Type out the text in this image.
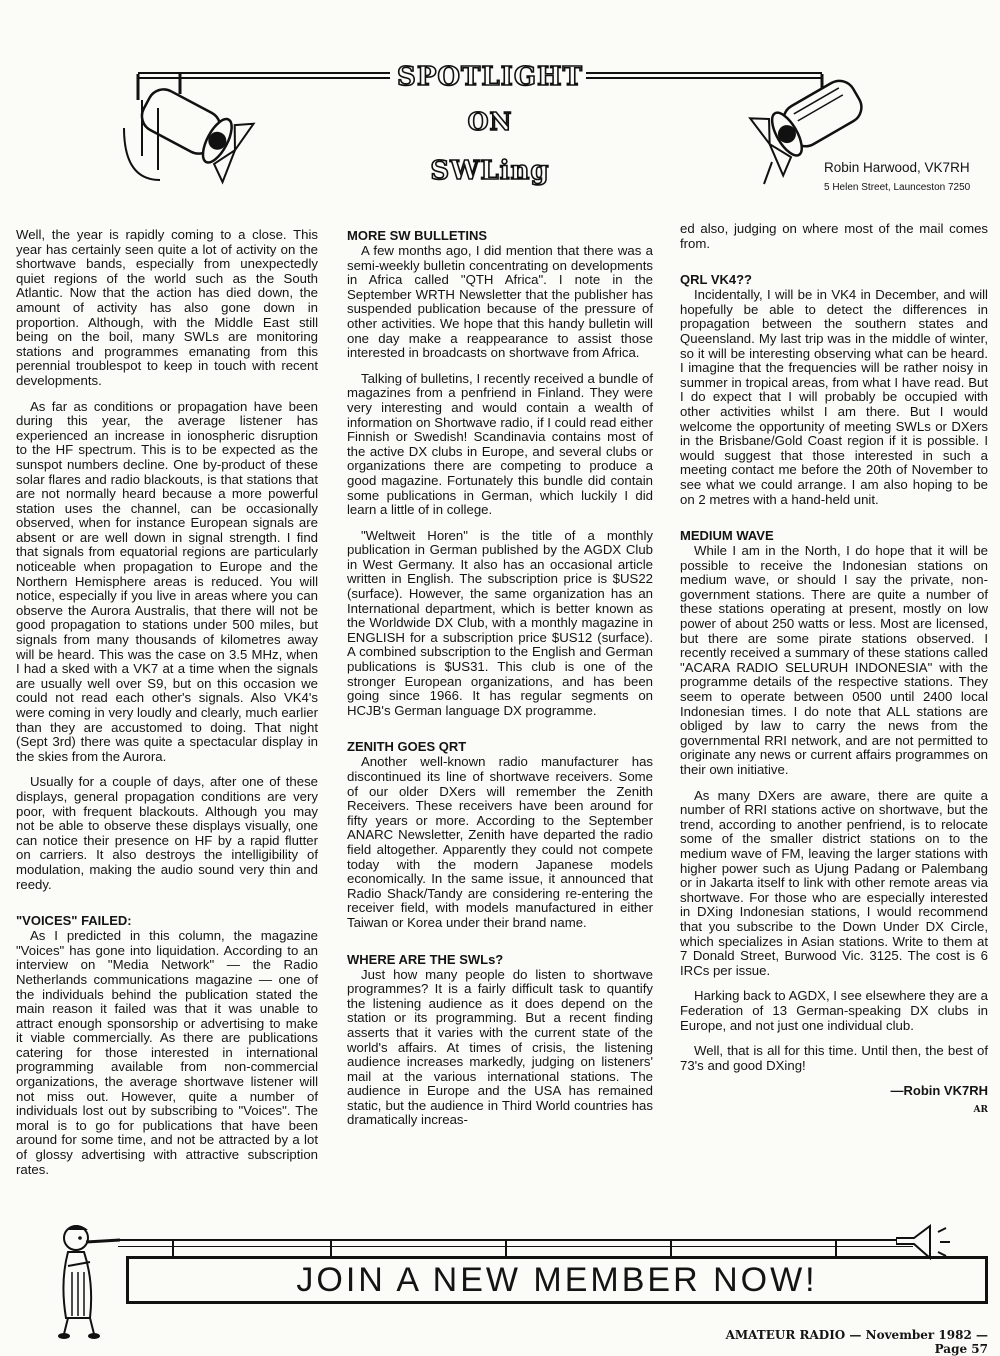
SPOTLIGHT
ON
SWLing	Robin Harwood, VK7RH
5 Helen Street, Launceston 7250

Well, the year is rapidly coming to a close. This year has certainly seen quite a lot of activity on the shortwave bands, especially from unexpectedly quiet regions of the world such as the South Atlantic. Now that the action has died down, the amount of activity has also gone down in proportion. Although, with the Middle East still being on the boil, many SWLs are monitoring stations and programmes emanating from this perennial troublespot to keep in touch with recent developments.

As far as conditions or propagation have been during this year, the average listener has experienced an increase in ionospheric disruption to the HF spectrum. This is to be expected as the sunspot numbers decline. One by-product of these solar flares and radio blackouts, is that stations that are not normally heard because a more powerful station uses the channel, can be occasionally observed, when for instance European signals are absent or are well down in signal strength. I find that signals from equatorial regions are particularly noticeable when propagation to Europe and the Northern Hemisphere areas is reduced. You will notice, especially if you live in areas where you can observe the Aurora Australis, that there will not be good propagation to stations under 500 miles, but signals from many thousands of kilometres away will be heard. This was the case on 3.5 MHz, when I had a sked with a VK7 at a time when the signals are usually well over S9, but on this occasion we could not read each other's signals. Also VK4's were coming in very loudly and clearly, much earlier than they are accustomed to doing. That night (Sept 3rd) there was quite a spectacular display in the skies from the Aurora.

Usually for a couple of days, after one of these displays, general propagation conditions are very poor, with frequent blackouts. Although you may not be able to observe these displays visually, one can notice their presence on HF by a rapid flutter on carriers. It also destroys the intelligibility of modulation, making the audio sound very thin and reedy.

"VOICES" FAILED:

As I predicted in this column, the magazine "Voices" has gone into liquidation. According to an interview on "Media Network" — the Radio Netherlands communications magazine — one of the individuals behind the publication stated the main reason it failed was that it was unable to attract enough sponsorship or advertising to make it viable commercially. As there are publications catering for those interested in international programming available from non-commercial organizations, the average shortwave listener will not miss out. However, quite a number of individuals lost out by subscribing to "Voices". The moral is to go for publications that have been around for some time, and not be attracted by a lot of glossy advertising with attractive subscription rates.

MORE SW BULLETINS

A few months ago, I did mention that there was a semi-weekly bulletin concentrating on developments in Africa called "QTH Africa". I note in the September WRTH Newsletter that the publisher has suspended publication because of the pressure of other activities. We hope that this handy bulletin will one day make a reappearance to assist those interested in broadcasts on shortwave from Africa.

Talking of bulletins, I recently received a bundle of magazines from a penfriend in Finland. They were very interesting and would contain a wealth of information on Shortwave radio, if I could read either Finnish or Swedish! Scandinavia contains most of the active DX clubs in Europe, and several clubs or organizations there are competing to produce a good magazine. Fortunately this bundle did contain some publications in German, which luckily I did learn a little of in college.

"Weltweit Horen" is the title of a monthly publication in German published by the AGDX Club in West Germany. It also has an occasional article written in English. The subscription price is $US22 (surface). However, the same organization has an International department, which is better known as the Worldwide DX Club, with a monthly magazine in ENGLISH for a subscription price $US12 (surface). A combined subscription to the English and German publications is $US31. This club is one of the stronger European organizations, and has been going since 1966. It has regular segments on HCJB's German language DX programme.

ZENITH GOES QRT

Another well-known radio manufacturer has discontinued its line of shortwave receivers. Some of our older DXers will remember the Zenith Receivers. These receivers have been around for fifty years or more. According to the September ANARC Newsletter, Zenith have departed the radio field altogether. Apparently they could not compete today with the modern Japanese models economically. In the same issue, it announced that Radio Shack/Tandy are considering re-entering the receiver field, with models manufactured in either Taiwan or Korea under their brand name.

WHERE ARE THE SWLs?

Just how many people do listen to shortwave programmes? It is a fairly difficult task to quantify the listening audience as it does depend on the station or its programming. But a recent finding asserts that it varies with the current state of the world's affairs. At times of crisis, the listening audience increases markedly, judging on listeners' mail at the various international stations. The audience in Europe and the USA has remained static, but the audience in Third World countries has dramatically increas-

ed also, judging on where most of the mail comes from.

QRL VK4??

Incidentally, I will be in VK4 in December, and will hopefully be able to detect the differences in propagation between the southern states and Queensland. My last trip was in the middle of winter, so it will be interesting observing what can be heard. I imagine that the frequencies will be rather noisy in summer in tropical areas, from what I have read. But I do expect that I will probably be occupied with other activities whilst I am there. But I would welcome the opportunity of meeting SWLs or DXers in the Brisbane/Gold Coast region if it is possible. I would suggest that those interested in such a meeting contact me before the 20th of November to see what we could arrange. I am also hoping to be on 2 metres with a hand-held unit.

MEDIUM WAVE

While I am in the North, I do hope that it will be possible to receive the Indonesian stations on medium wave, or should I say the private, non-government stations. There are quite a number of these stations operating at present, mostly on low power of about 250 watts or less. Most are licensed, but there are some pirate stations observed. I recently received a summary of these stations called "ACARA RADIO SELURUH INDONESIA" with the programme details of the respective stations. They seem to operate between 0500 until 2400 local Indonesian times. I do note that ALL stations are obliged by law to carry the news from the governmental RRI network, and are not permitted to originate any news or current affairs programmes on their own initiative.

As many DXers are aware, there are quite a number of RRI stations active on shortwave, but the trend, according to another penfriend, is to relocate some of the smaller district stations on to the medium wave of FM, leaving the larger stations with higher power such as Ujung Padang or Palembang or in Jakarta itself to link with other remote areas via shortwave. For those who are especially interested in DXing Indonesian stations, I would recommend that you subscribe to the Down Under DX Circle, which specializes in Asian stations. Write to them at 7 Donald Street, Burwood Vic. 3125. The cost is 6 IRCs per issue.

Harking back to AGDX, I see elsewhere they are a Federation of 13 German-speaking DX clubs in Europe, and not just one individual club.

Well, that is all for this time. Until then, the best of 73's and good DXing!

—Robin VK7RH
AR
JOIN A NEW MEMBER NOW!
AMATEUR RADIO — November 1982 — Page 57
